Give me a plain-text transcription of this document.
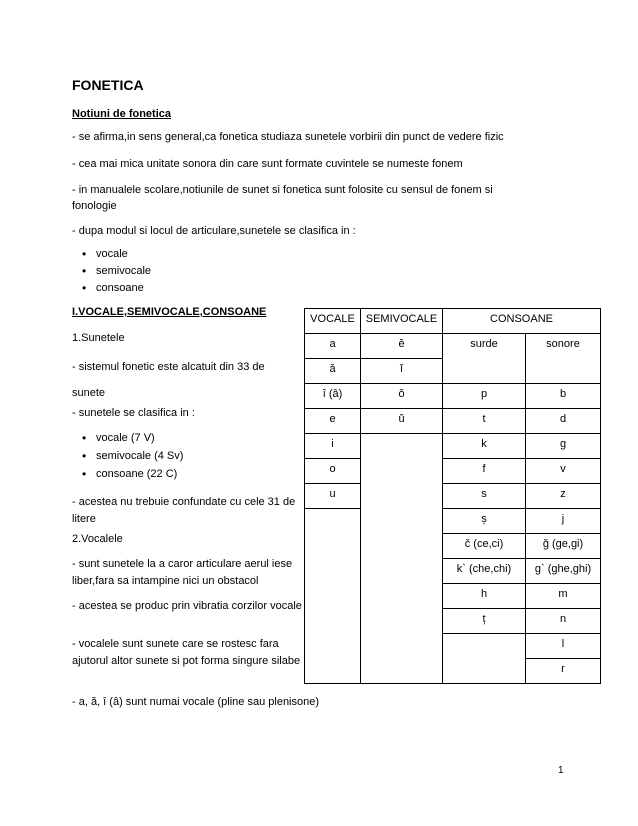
FONETICA
Notiuni de fonetica
- se afirma,in sens general,ca fonetica studiaza sunetele vorbirii din punct de vedere fizic
- cea mai mica unitate sonora din care sunt formate cuvintele se numeste fonem
- in manualele scolare,notiunile de sunet si fonetica sunt folosite cu sensul de fonem si
fonologie
- dupa modul si locul de articulare,sunetele se clasifica in :
• vocale
• semivocale
• consoane
I.VOCALE,SEMIVOCALE,CONSOANE
1.Sunetele
- sistemul fonetic este alcatuit din 33 de sunete
- sunetele se clasifica in :
• vocale (7 V)
• semivocale (4 Sv)
• consoane (22 C)
- acestea nu trebuie confundate cu cele 31 de litere
2.Vocalele
- sunt sunetele la a caror articulare aerul iese liber,fara sa intampine nici un obstacol
- acestea se produc prin vibratia corzilor vocale
- vocalele sunt sunete care se rostesc fara ajutorul altor sunete si pot forma singure silabe
- a, ă, î (â) sunt numai vocale (pline sau plenisone)
VOCALE	SEMIVOCALE	CONSOANE	
a	ĕ	surde	sonore
ă	ĭ		
î (â)	ŏ	p	b
e	ŭ	t	d
i		k	g
o		f	v
u		s	z
		ș	j
		č (ce,ci)	ğ (ge,gi)
		k` (che,chi)	g` (ghe,ghi)
		h	m
		ț	n
			l
			r
1
